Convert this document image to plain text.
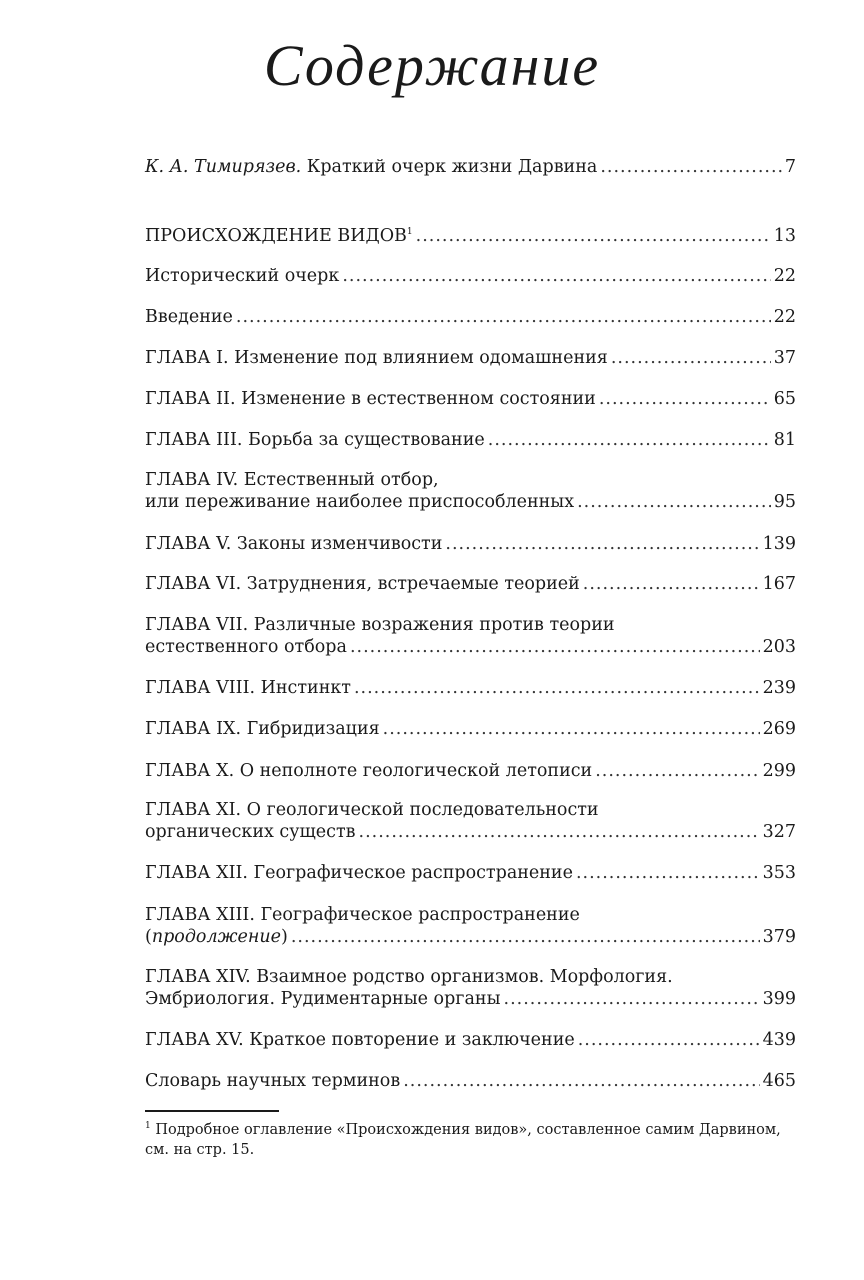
Содержание
К. А. Тимирязев. Краткий очерк жизни Дарвина .....	7
ПРОИСХОЖДЕНИЕ ВИДОВ$^1$ .....	13
Исторический очерк .....	22
Введение .....	22
ГЛАВА I. Изменение под влиянием одомашнения .....	37
ГЛАВА II. Изменение в естественном состоянии .....	65
ГЛАВА III. Борьба за существование .....	81
ГЛАВА IV. Естественный отбор,
или переживание наиболее приспособленных .....	95
ГЛАВА V. Законы изменчивости .....	139
ГЛАВА VI. Затруднения, встречаемые теорией .....	167
ГЛАВА VII. Различные возражения против теории
естественного отбора .....	203
ГЛАВА VIII. Инстинкт .....	239
ГЛАВА IX. Гибридизация .....	269
ГЛАВА X. О неполноте геологической летописи .....	299
ГЛАВА XI. О геологической последовательности
органических существ .....	327
ГЛАВА XII. Географическое распространение .....	353
ГЛАВА XIII. Географическое распространение
(продолжение) .....	379
ГЛАВА XIV. Взаимное родство организмов. Морфология.
Эмбриология. Рудиментарные органы .....	399
ГЛАВА XV. Краткое повторение и заключение .....	439
Словарь научных терминов .....	465
$^1$ Подробное оглавление «Происхождения видов», составленное самим Дарвином, см. на стр. 15.
